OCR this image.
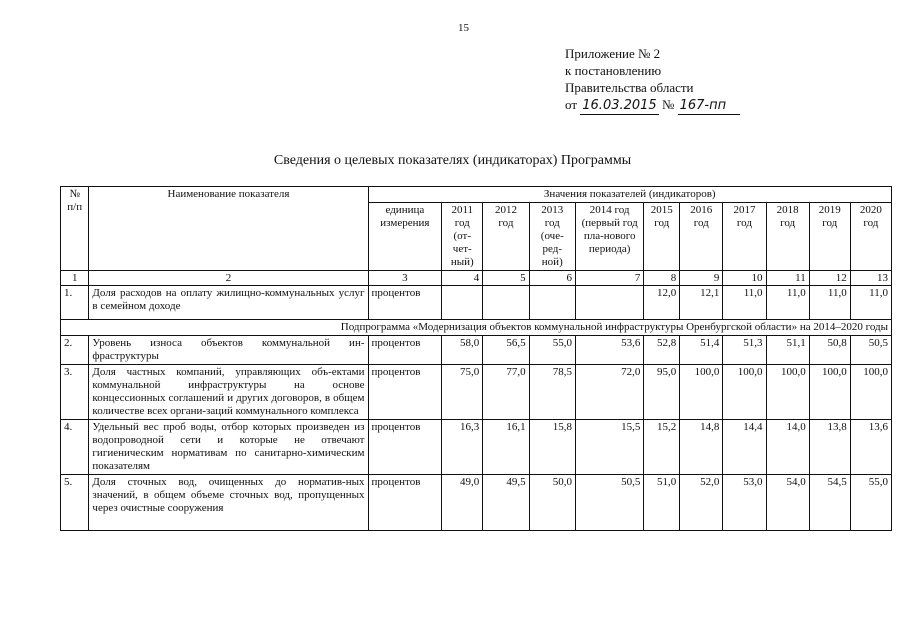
15
Приложение № 2
к постановлению
Правительства области
от 16.03.2015 № 167-пп
Сведения о целевых показателях (индикаторах) Программы
№ п/п	Наименование показателя	Значения показателей (индикаторов)										
		единица измерения	2011 год (от-чет-ный)	2012 год	2013 год (оче-ред-ной)	2014 год (первый год пла-нового периода)	2015 год	2016 год	2017 год	2018 год	2019 год	2020 год
1	2	3	4	5	6	7	8	9	10	11	12	13
1.	Доля расходов на оплату жилищно-коммунальных услуг в семейном доходе	процентов					12,0	12,1	11,0	11,0	11,0	11,0
Подпрограмма «Модернизация объектов коммунальной инфраструктуры Оренбургской области» на 2014–2020 годы												
2.	Уровень износа объектов коммунальной ин-фраструктуры	процентов	58,0	56,5	55,0	53,6	52,8	51,4	51,3	51,1	50,8	50,5
3.	Доля частных компаний, управляющих объ-ектами коммунальной инфраструктуры на основе концессионных соглашений и других договоров, в общем количестве всех органи-заций коммунального комплекса	процентов	75,0	77,0	78,5	72,0	95,0	100,0	100,0	100,0	100,0	100,0
4.	Удельный вес проб воды, отбор которых произведен из водопроводной сети и которые не отвечают гигиеническим нормативам по санитарно-химическим показателям	процентов	16,3	16,1	15,8	15,5	15,2	14,8	14,4	14,0	13,8	13,6
5.	Доля сточных вод, очищенных до норматив-ных значений, в общем объеме сточных вод, пропущенных через очистные сооружения	процентов	49,0	49,5	50,0	50,5	51,0	52,0	53,0	54,0	54,5	55,0
